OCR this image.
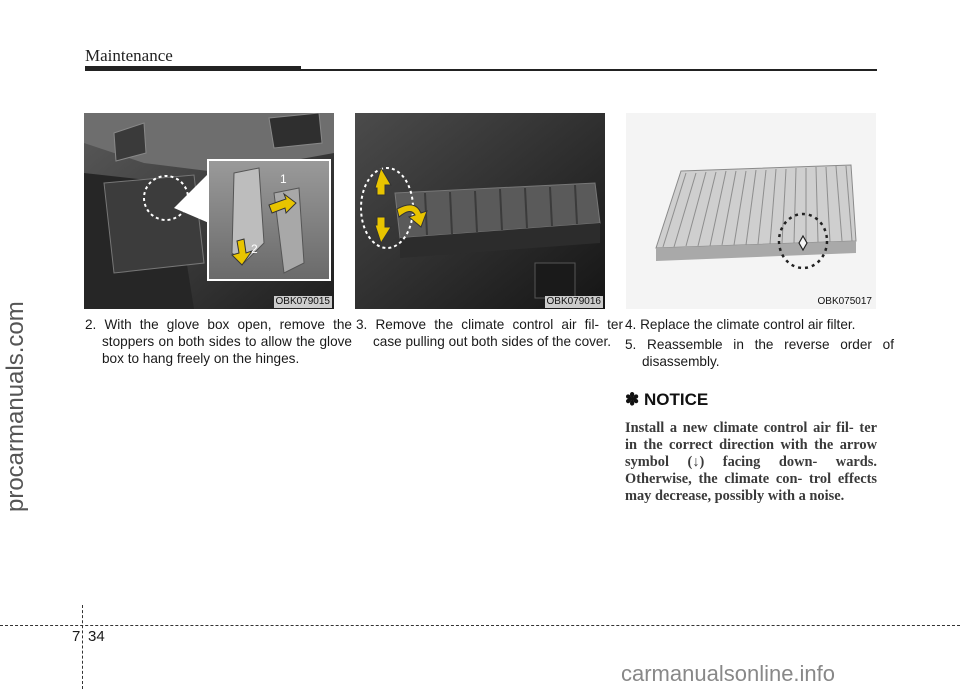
Maintenance
procarmanuals.com
1
2
OBK079015	OBK079016	OBK075017
2. With the glove box open, remove the stoppers on both sides to allow the glove box to hang freely on the hinges.
3. Remove the climate control air fil- ter case pulling out both sides of the cover.
4. Replace the climate control air filter.
5. Reassemble in the reverse order of disassembly.
✽ NOTICE
Install a new climate control air fil- ter in the correct direction with the arrow symbol (↓) facing down- wards. Otherwise, the climate con- trol effects may decrease, possibly with a noise.
7 34
carmanualsonline.info
